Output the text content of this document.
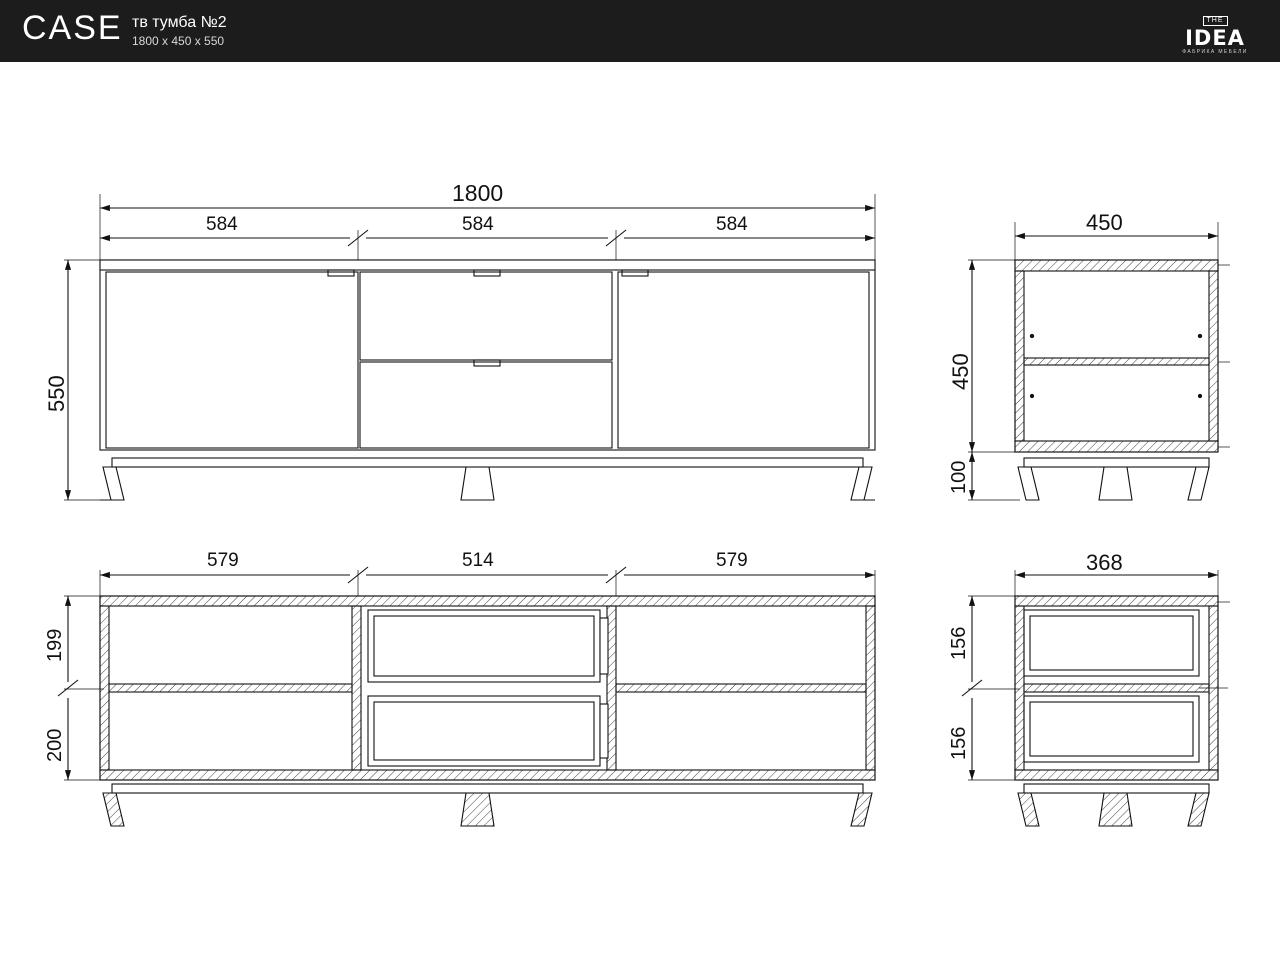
CASE тв тумба №2
1800 x 450 x 550
THE
IDEA
ФАБРИКА МЕБЕЛИ
1800
584	584	584
550
450
450
100
579	514	579
199
200
368
156
156
